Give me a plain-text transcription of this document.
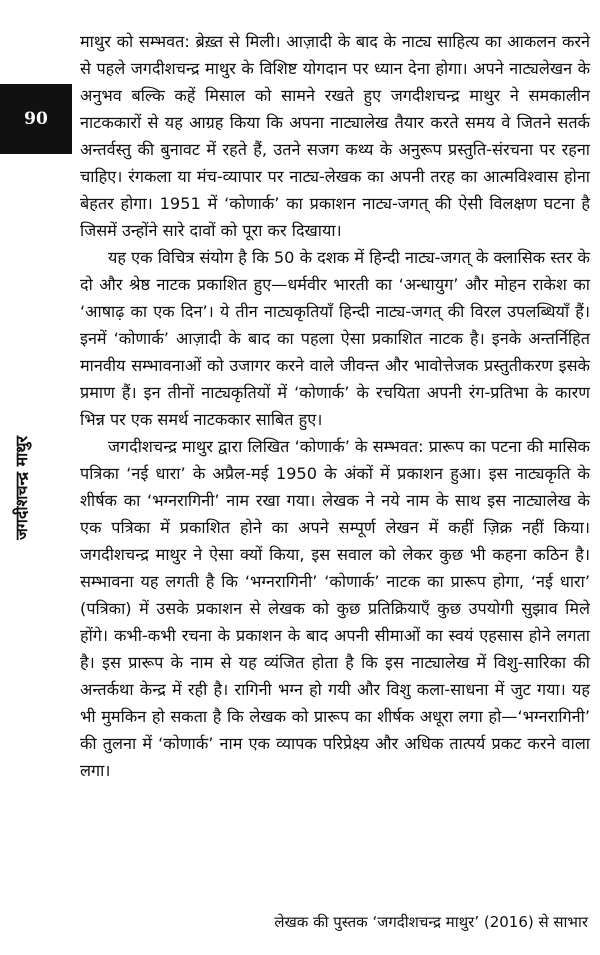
90
जगदीशचन्द्र माथुर

माथुर को सम्भवत: ब्रेख़्त से मिली। आज़ादी के बाद के नाट्य साहित्य का आकलन करने से पहले जगदीशचन्द्र माथुर के विशिष्ट योगदान पर ध्यान देना होगा। अपने नाट्यलेखन के अनुभव बल्कि कहें मिसाल को सामने रखते हुए जगदीशचन्द्र माथुर ने समकालीन नाटककारों से यह आग्रह किया कि अपना नाट्यालेख तैयार करते समय वे जितने सतर्क अन्तर्वस्तु की बुनावट में रहते हैं, उतने सजग कथ्य के अनुरूप प्रस्तुति-संरचना पर रहना चाहिए। रंगकला या मंच-व्यापार पर नाट्य-लेखक का अपनी तरह का आत्मविश्वास होना बेहतर होगा। 1951 में ‘कोणार्क’ का प्रकाशन नाट्य-जगत् की ऐसी विलक्षण घटना है जिसमें उन्होंने सारे दावों को पूरा कर दिखाया।

यह एक विचित्र संयोग है कि 50 के दशक में हिन्दी नाट्य-जगत् के क्लासिक स्तर के दो और श्रेष्ठ नाटक प्रकाशित हुए—धर्मवीर भारती का ‘अन्धायुग’ और मोहन राकेश का ‘आषाढ़ का एक दिन’। ये तीन नाट्यकृतियाँ हिन्दी नाट्य-जगत् की विरल उपलब्धियाँ हैं। इनमें ‘कोणार्क’ आज़ादी के बाद का पहला ऐसा प्रकाशित नाटक है। इनके अन्तर्निहित मानवीय सम्भावनाओं को उजागर करने वाले जीवन्त और भावोत्तेजक प्रस्तुतीकरण इसके प्रमाण हैं। इन तीनों नाट्यकृतियों में ‘कोणार्क’ के रचयिता अपनी रंग-प्रतिभा के कारण भिन्न पर एक समर्थ नाटककार साबित हुए।

जगदीशचन्द्र माथुर द्वारा लिखित ‘कोणार्क’ के सम्भवत: प्रारूप का पटना की मासिक पत्रिका ‘नई धारा’ के अप्रैल-मई 1950 के अंकों में प्रकाशन हुआ। इस नाट्यकृति के शीर्षक का ‘भग्नरागिनी’ नाम रखा गया। लेखक ने नये नाम के साथ इस नाट्यालेख के एक पत्रिका में प्रकाशित होने का अपने सम्पूर्ण लेखन में कहीं ज़िक्र नहीं किया। जगदीशचन्द्र माथुर ने ऐसा क्यों किया, इस सवाल को लेकर कुछ भी कहना कठिन है। सम्भावना यह लगती है कि ‘भग्नरागिनी’ ‘कोणार्क’ नाटक का प्रारूप होगा, ‘नई धारा’ (पत्रिका) में उसके प्रकाशन से लेखक को कुछ प्रतिक्रियाएँ कुछ उपयोगी सुझाव मिले होंगे। कभी-कभी रचना के प्रकाशन के बाद अपनी सीमाओं का स्वयं एहसास होने लगता है। इस प्रारूप के नाम से यह व्यंजित होता है कि इस नाट्यालेख में विशु-सारिका की अन्तर्कथा केन्द्र में रही है। रागिनी भग्न हो गयी और विशु कला-साधना में जुट गया। यह भी मुमकिन हो सकता है कि लेखक को प्रारूप का शीर्षक अधूरा लगा हो—‘भग्नरागिनी’ की तुलना में ‘कोणार्क’ नाम एक व्यापक परिप्रेक्ष्य और अधिक तात्पर्य प्रकट करने वाला लगा।

लेखक की पुस्तक ‘जगदीशचन्द्र माथुर’ (2016) से साभार
